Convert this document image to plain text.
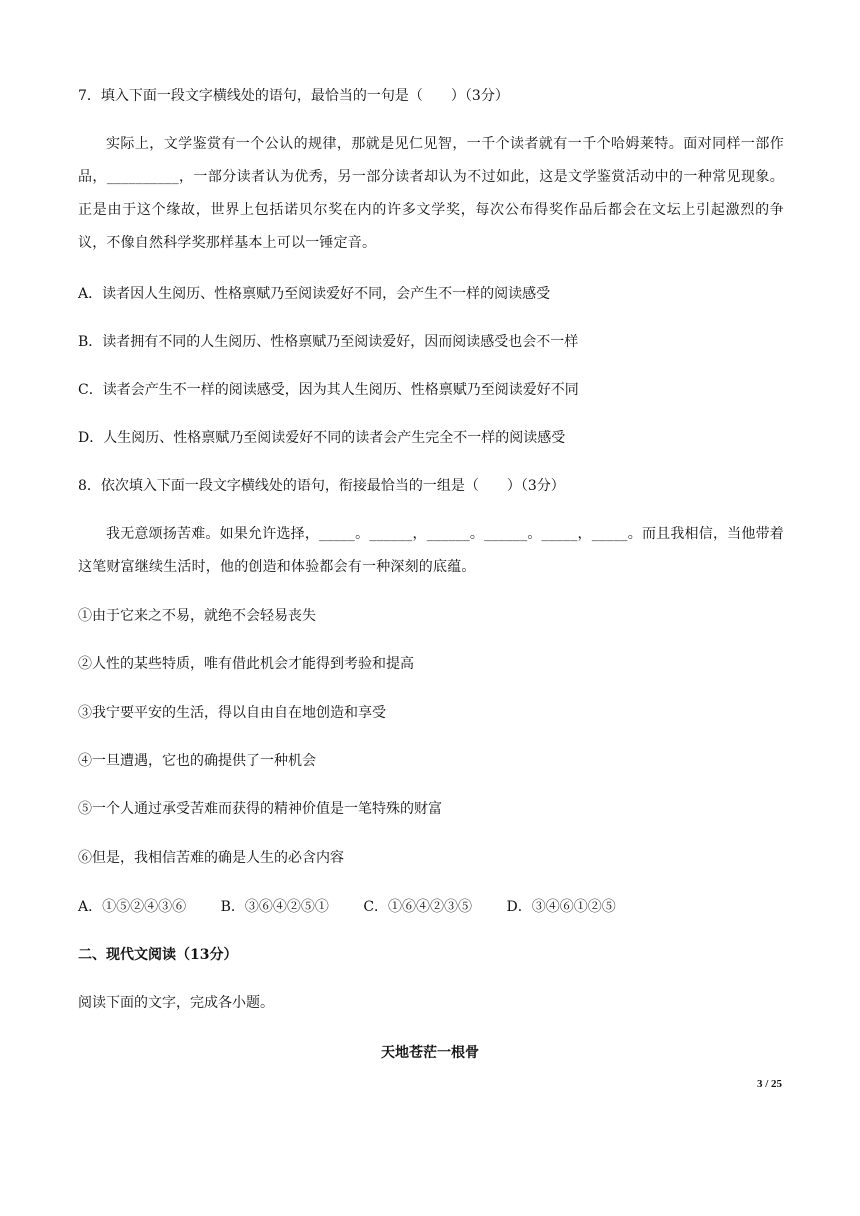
7．填入下面一段文字横线处的语句，最恰当的一句是（　　）（3分）
实际上，文学鉴赏有一个公认的规律，那就是见仁见智，一千个读者就有一千个哈姆莱特。面对同样一部作品，__________，一部分读者认为优秀，另一部分读者却认为不过如此，这是文学鉴赏活动中的一种常见现象。正是由于这个缘故，世界上包括诺贝尔奖在内的许多文学奖，每次公布得奖作品后都会在文坛上引起激烈的争议，不像自然科学奖那样基本上可以一锤定音。
A．读者因人生阅历、性格禀赋乃至阅读爱好不同，会产生不一样的阅读感受
B．读者拥有不同的人生阅历、性格禀赋乃至阅读爱好，因而阅读感受也会不一样
C．读者会产生不一样的阅读感受，因为其人生阅历、性格禀赋乃至阅读爱好不同
D．人生阅历、性格禀赋乃至阅读爱好不同的读者会产生完全不一样的阅读感受
8．依次填入下面一段文字横线处的语句，衔接最恰当的一组是（　　）（3分）
我无意颂扬苦难。如果允许选择，_____。______，______。______。_____，_____。而且我相信，当他带着这笔财富继续生活时，他的创造和体验都会有一种深刻的底蕴。
①由于它来之不易，就绝不会轻易丧失
②人性的某些特质，唯有借此机会才能得到考验和提高
③我宁要平安的生活，得以自由自在地创造和享受
④一旦遭遇，它也的确提供了一种机会
⑤一个人通过承受苦难而获得的精神价值是一笔特殊的财富
⑥但是，我相信苦难的确是人生的必含内容
A．①⑤②④③⑥ B．③⑥④②⑤① C．①⑥④②③⑤ D．③④⑥①②⑤
二、现代文阅读（13分）
阅读下面的文字，完成各小题。
天地苍茫一根骨
3 / 25
